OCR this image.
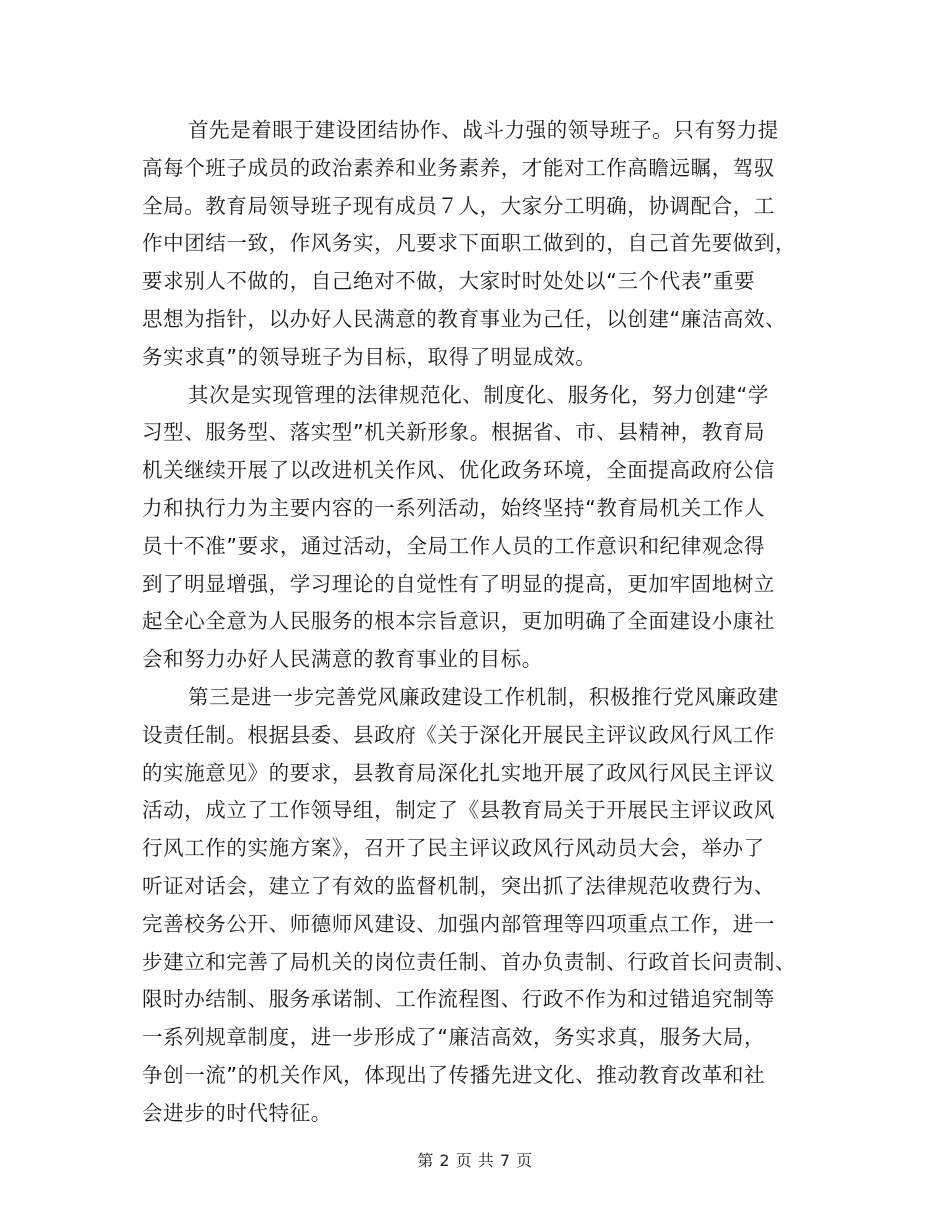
首先是着眼于建设团结协作、战斗力强的领导班子。只有努力提
高每个班子成员的政治素养和业务素养，才能对工作高瞻远瞩，驾驭
全局。教育局领导班子现有成员７人，大家分工明确，协调配合，工
作中团结一致，作风务实，凡要求下面职工做到的，自己首先要做到，
要求别人不做的，自己绝对不做，大家时时处处以“三个代表”重要
思想为指针，以办好人民满意的教育事业为己任，以创建“廉洁高效、
务实求真”的领导班子为目标，取得了明显成效。
其次是实现管理的法律规范化、制度化、服务化，努力创建“学
习型、服务型、落实型”机关新形象。根据省、市、县精神，教育局
机关继续开展了以改进机关作风、优化政务环境，全面提高政府公信
力和执行力为主要内容的一系列活动，始终坚持“教育局机关工作人
员十不准”要求，通过活动，全局工作人员的工作意识和纪律观念得
到了明显增强，学习理论的自觉性有了明显的提高，更加牢固地树立
起全心全意为人民服务的根本宗旨意识，更加明确了全面建设小康社
会和努力办好人民满意的教育事业的目标。
第三是进一步完善党风廉政建设工作机制，积极推行党风廉政建
设责任制。根据县委、县政府《关于深化开展民主评议政风行风工作
的实施意见》的要求，县教育局深化扎实地开展了政风行风民主评议
活动，成立了工作领导组，制定了《县教育局关于开展民主评议政风
行风工作的实施方案》，召开了民主评议政风行风动员大会，举办了
听证对话会，建立了有效的监督机制，突出抓了法律规范收费行为、
完善校务公开、师德师风建设、加强内部管理等四项重点工作，进一
步建立和完善了局机关的岗位责任制、首办负责制、行政首长问责制、
限时办结制、服务承诺制、工作流程图、行政不作为和过错追究制等
一系列规章制度，进一步形成了“廉洁高效，务实求真，服务大局，
争创一流”的机关作风，体现出了传播先进文化、推动教育改革和社
会进步的时代特征。
第 2 页 共 7 页
